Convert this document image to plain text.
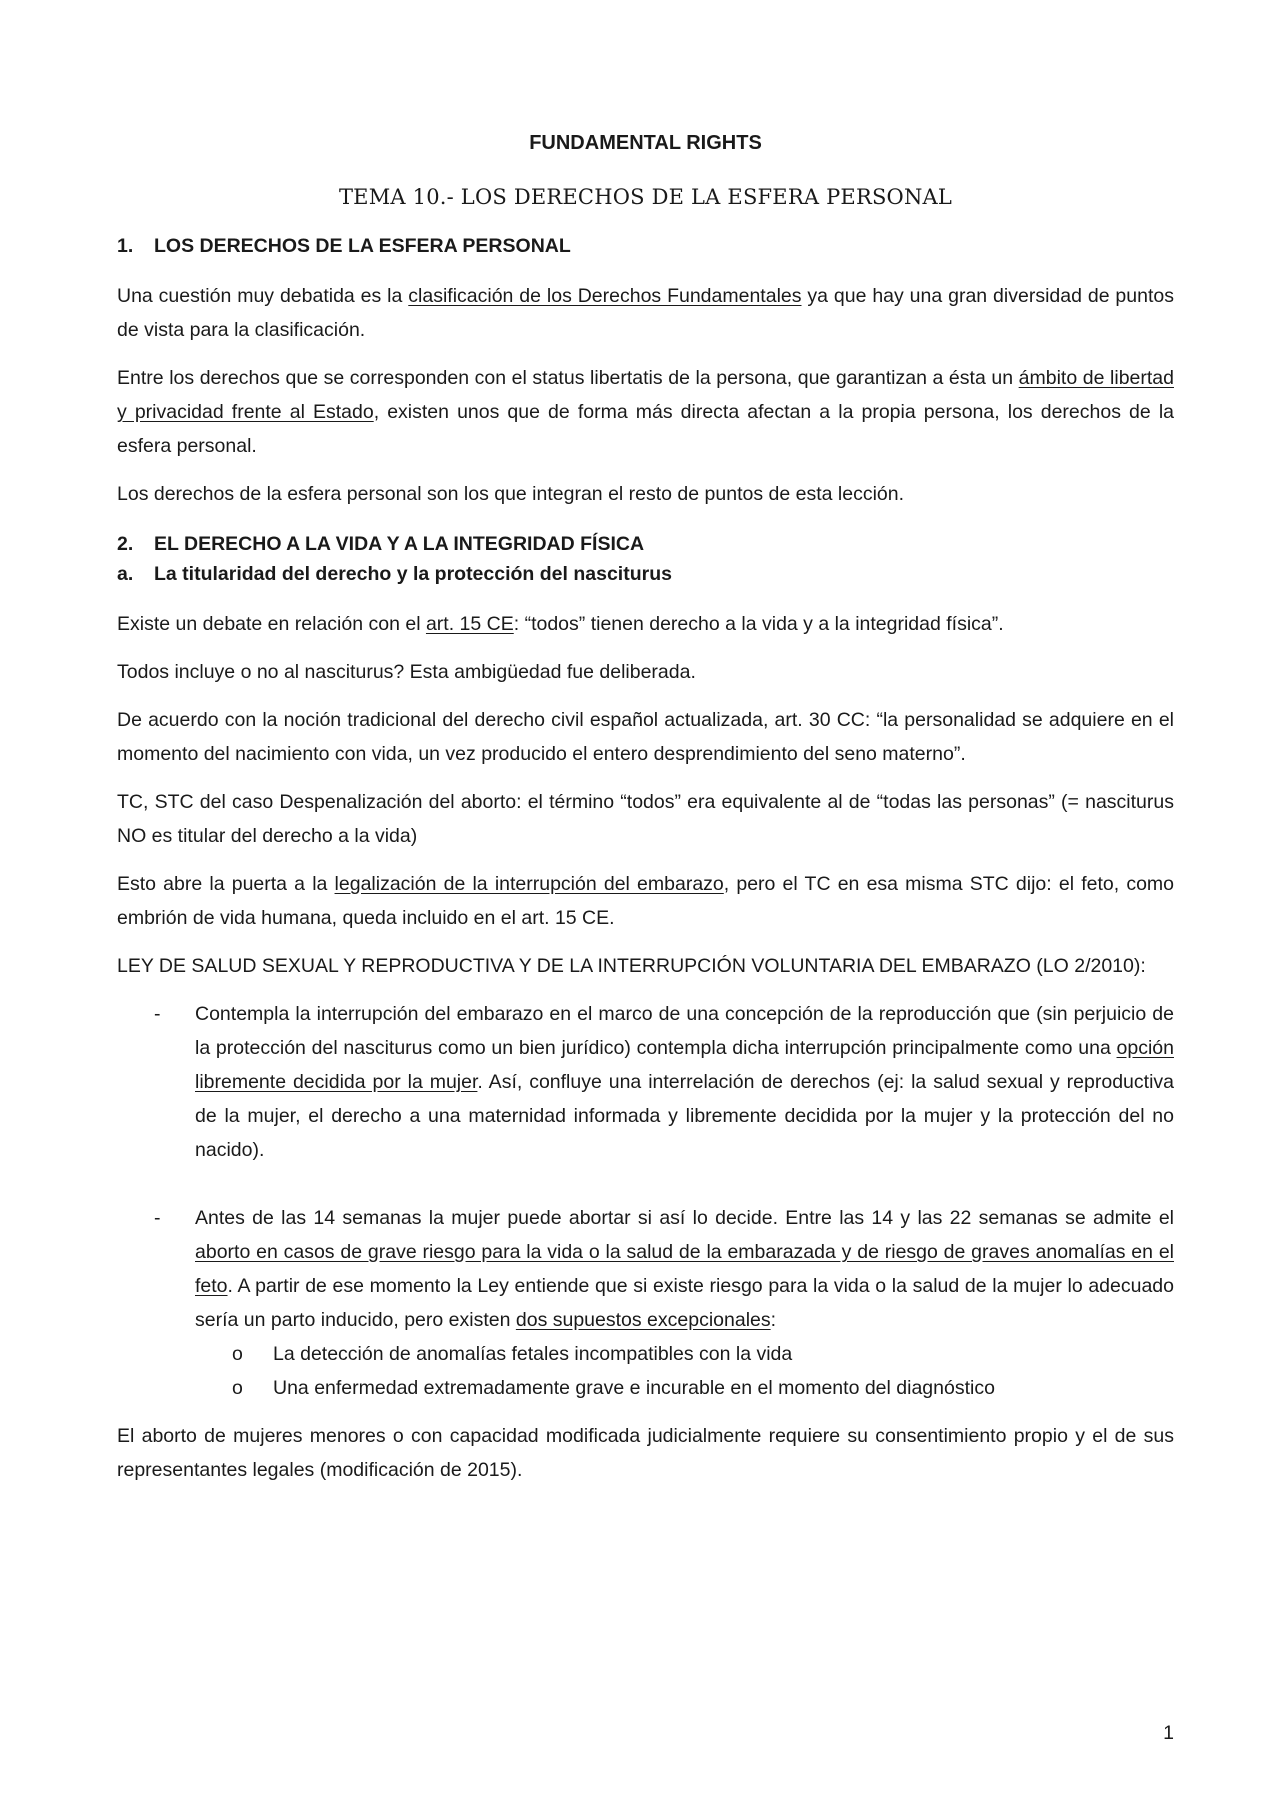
FUNDAMENTAL RIGHTS
TEMA 10.- LOS DERECHOS DE LA ESFERA PERSONAL
1.	LOS DERECHOS DE LA ESFERA PERSONAL

Una cuestión muy debatida es la clasificación de los Derechos Fundamentales ya que hay una gran diversidad de puntos de vista para la clasificación.

Entre los derechos que se corresponden con el status libertatis de la persona, que garantizan a ésta un ámbito de libertad y privacidad frente al Estado, existen unos que de forma más directa afectan a la propia persona, los derechos de la esfera personal.

Los derechos de la esfera personal son los que integran el resto de puntos de esta lección.

2.	EL DERECHO A LA VIDA Y A LA INTEGRIDAD FÍSICA
a.	La titularidad del derecho y la protección del nasciturus

Existe un debate en relación con el art. 15 CE: “todos” tienen derecho a la vida y a la integridad física”.

Todos incluye o no al nasciturus? Esta ambigüedad fue deliberada.

De acuerdo con la noción tradicional del derecho civil español actualizada, art. 30 CC: “la personalidad se adquiere en el momento del nacimiento con vida, un vez producido el entero desprendimiento del seno materno”.

TC, STC del caso Despenalización del aborto: el término “todos” era equivalente al de “todas las personas” (= nasciturus NO es titular del derecho a la vida)

Esto abre la puerta a la legalización de la interrupción del embarazo, pero el TC en esa misma STC dijo: el feto, como embrión de vida humana, queda incluido en el art. 15 CE.

LEY DE SALUD SEXUAL Y REPRODUCTIVA Y DE LA INTERRUPCIÓN VOLUNTARIA DEL EMBARAZO (LO 2/2010):

-	Contempla la interrupción del embarazo en el marco de una concepción de la reproducción que (sin perjuicio de la protección del nasciturus como un bien jurídico) contempla dicha interrupción principalmente como una opción libremente decidida por la mujer. Así, confluye una interrelación de derechos (ej: la salud sexual y reproductiva de la mujer, el derecho a una maternidad informada y libremente decidida por la mujer y la protección del no nacido).
-	Antes de las 14 semanas la mujer puede abortar si así lo decide. Entre las 14 y las 22 semanas se admite el aborto en casos de grave riesgo para la vida o la salud de la embarazada y de riesgo de graves anomalías en el feto. A partir de ese momento la Ley entiende que si existe riesgo para la vida o la salud de la mujer lo adecuado sería un parto inducido, pero existen dos supuestos excepcionales:
o	La detección de anomalías fetales incompatibles con la vida
o	Una enfermedad extremadamente grave e incurable en el momento del diagnóstico

El aborto de mujeres menores o con capacidad modificada judicialmente requiere su consentimiento propio y el de sus representantes legales (modificación de 2015).

1
